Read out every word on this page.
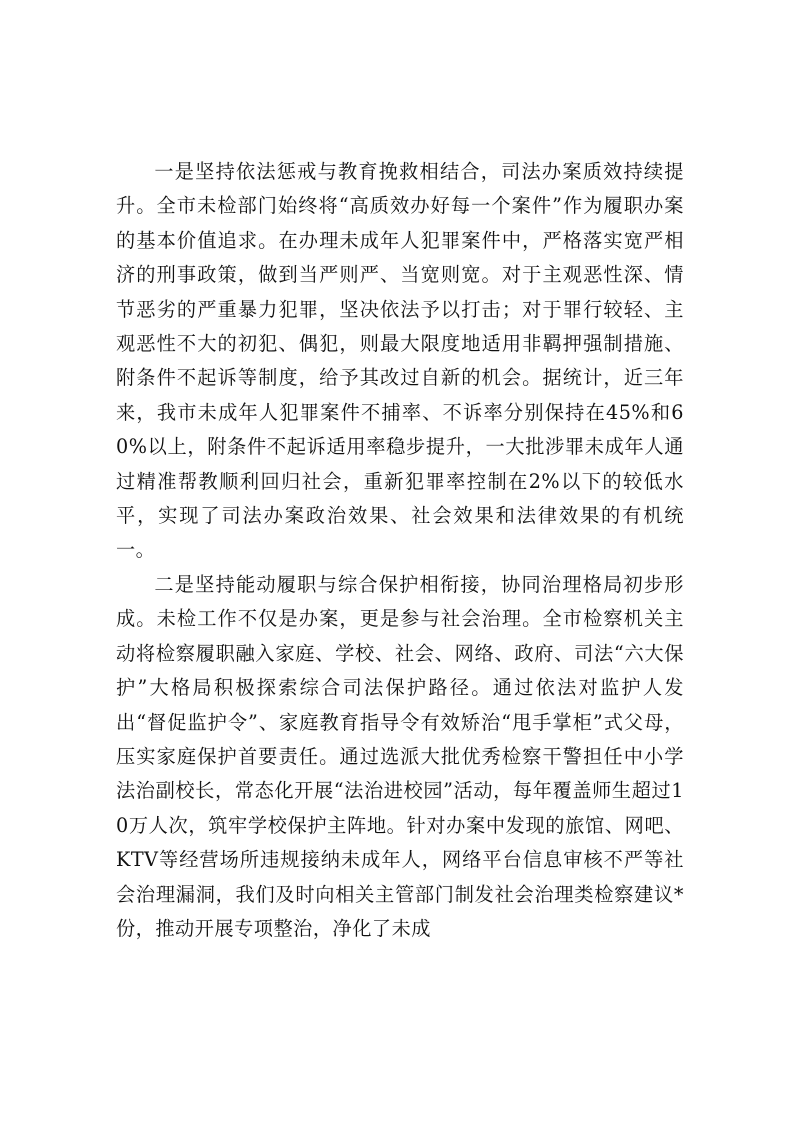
一是坚持依法惩戒与教育挽救相结合，司法办案质效持续提升。全市未检部门始终将“高质效办好每一个案件”作为履职办案的基本价值追求。在办理未成年人犯罪案件中，严格落实宽严相济的刑事政策，做到当严则严、当宽则宽。对于主观恶性深、情节恶劣的严重暴力犯罪，坚决依法予以打击；对于罪行较轻、主观恶性不大的初犯、偶犯，则最大限度地适用非羁押强制措施、附条件不起诉等制度，给予其改过自新的机会。据统计，近三年来，我市未成年人犯罪案件不捕率、不诉率分别保持在45%和60%以上，附条件不起诉适用率稳步提升，一大批涉罪未成年人通过精准帮教顺利回归社会，重新犯罪率控制在2%以下的较低水平，实现了司法办案政治效果、社会效果和法律效果的有机统一。

二是坚持能动履职与综合保护相衔接，协同治理格局初步形成。未检工作不仅是办案，更是参与社会治理。全市检察机关主动将检察履职融入家庭、学校、社会、网络、政府、司法“六大保护”大格局积极探索综合司法保护路径。通过依法对监护人发出“督促监护令”、家庭教育指导令有效矫治“甩手掌柜”式父母，压实家庭保护首要责任。通过选派大批优秀检察干警担任中小学法治副校长，常态化开展“法治进校园”活动，每年覆盖师生超过10万人次，筑牢学校保护主阵地。针对办案中发现的旅馆、网吧、KTV等经营场所违规接纳未成年人，网络平台信息审核不严等社会治理漏洞，我们及时向相关主管部门制发社会治理类检察建议*份，推动开展专项整治，净化了未成
